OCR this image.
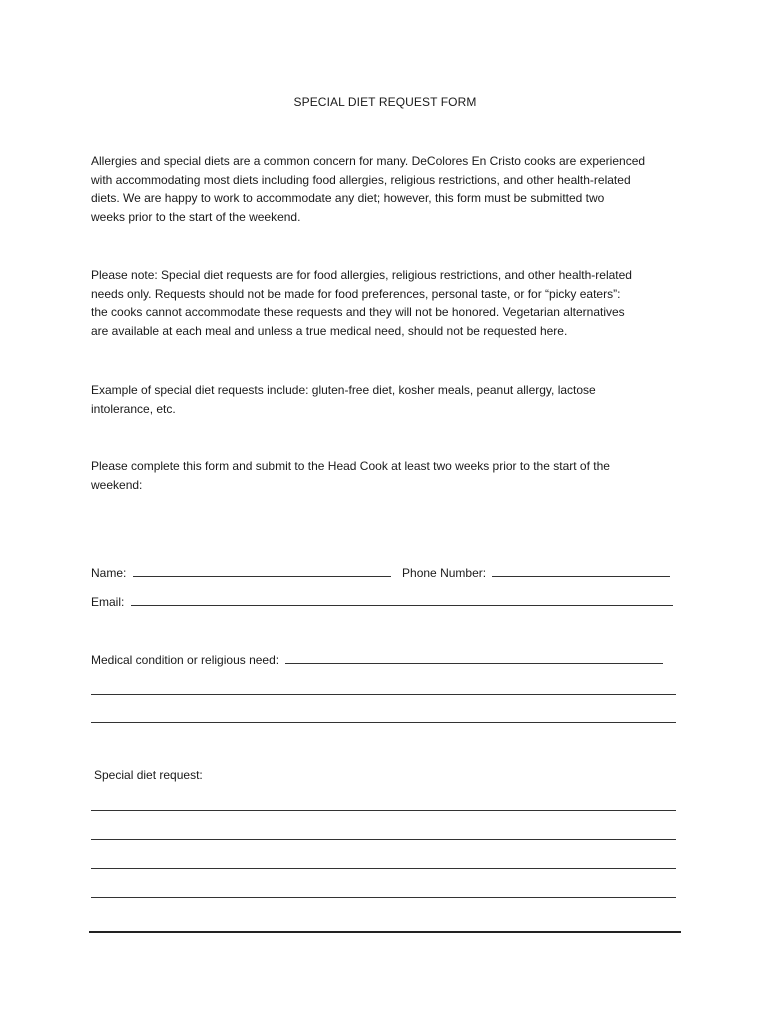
SPECIAL DIET REQUEST FORM

Allergies and special diets are a common concern for many. DeColores En Cristo cooks are experienced
with accommodating most diets including food allergies, religious restrictions, and other health-related
diets. We are happy to work to accommodate any diet; however, this form must be submitted two
weeks prior to the start of the weekend.

Please note: Special diet requests are for food allergies, religious restrictions, and other health-related
needs only. Requests should not be made for food preferences, personal taste, or for “picky eaters”:
the cooks cannot accommodate these requests and they will not be honored. Vegetarian alternatives
are available at each meal and unless a true medical need, should not be requested here.

Example of special diet requests include: gluten-free diet, kosher meals, peanut allergy, lactose
intolerance, etc.

Please complete this form and submit to the Head Cook at least two weeks prior to the start of the
weekend:

Name:	Phone Number:
Email:
Medical condition or religious need:
Special diet request:
